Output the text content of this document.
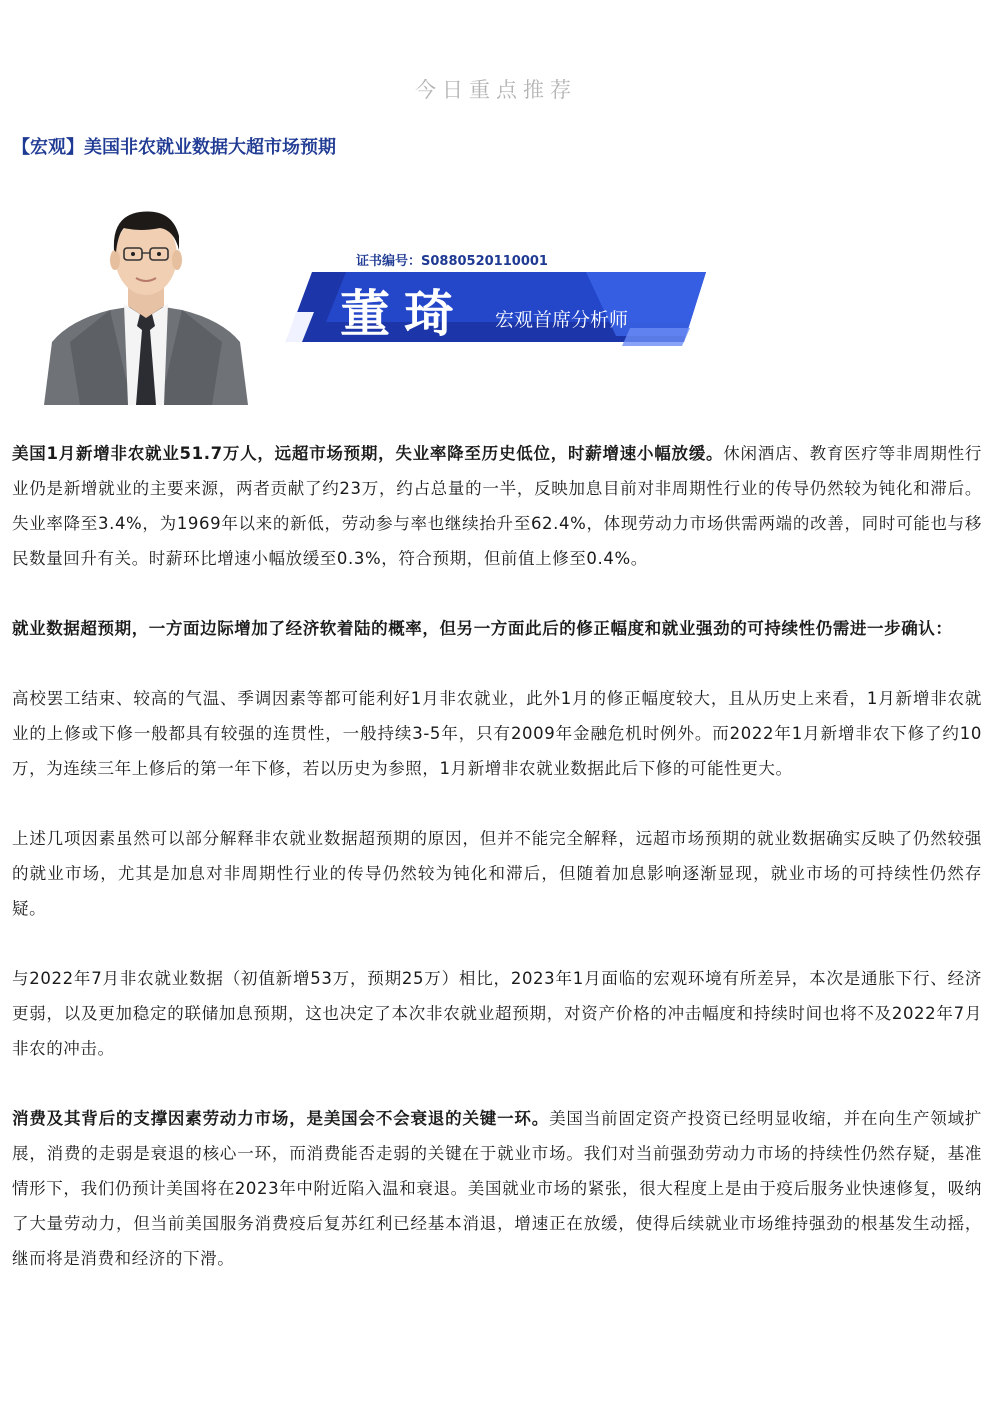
今日重点推荐
【宏观】美国非农就业数据大超市场预期
证书编号：S0880520110001
董琦 宏观首席分析师

美国1月新增非农就业51.7万人，远超市场预期，失业率降至历史低位，时薪增速小幅放缓。休闲酒店、教育医疗等非周期性行业仍是新增就业的主要来源，两者贡献了约23万，约占总量的一半，反映加息目前对非周期性行业的传导仍然较为钝化和滞后。失业率降至3.4%，为1969年以来的新低，劳动参与率也继续抬升至62.4%，体现劳动力市场供需两端的改善，同时可能也与移民数量回升有关。时薪环比增速小幅放缓至0.3%，符合预期，但前值上修至0.4%。

就业数据超预期，一方面边际增加了经济软着陆的概率，但另一方面此后的修正幅度和就业强劲的可持续性仍需进一步确认：

高校罢工结束、较高的气温、季调因素等都可能利好1月非农就业，此外1月的修正幅度较大，且从历史上来看，1月新增非农就业的上修或下修一般都具有较强的连贯性，一般持续3-5年，只有2009年金融危机时例外。而2022年1月新增非农下修了约10万，为连续三年上修后的第一年下修，若以历史为参照，1月新增非农就业数据此后下修的可能性更大。

上述几项因素虽然可以部分解释非农就业数据超预期的原因，但并不能完全解释，远超市场预期的就业数据确实反映了仍然较强的就业市场，尤其是加息对非周期性行业的传导仍然较为钝化和滞后，但随着加息影响逐渐显现，就业市场的可持续性仍然存疑。

与2022年7月非农就业数据（初值新增53万，预期25万）相比，2023年1月面临的宏观环境有所差异，本次是通胀下行、经济更弱，以及更加稳定的联储加息预期，这也决定了本次非农就业超预期，对资产价格的冲击幅度和持续时间也将不及2022年7月非农的冲击。

消费及其背后的支撑因素劳动力市场，是美国会不会衰退的关键一环。美国当前固定资产投资已经明显收缩，并在向生产领域扩展，消费的走弱是衰退的核心一环，而消费能否走弱的关键在于就业市场。我们对当前强劲劳动力市场的持续性仍然存疑，基准情形下，我们仍预计美国将在2023年中附近陷入温和衰退。美国就业市场的紧张，很大程度上是由于疫后服务业快速修复，吸纳了大量劳动力，但当前美国服务消费疫后复苏红利已经基本消退，增速正在放缓，使得后续就业市场维持强劲的根基发生动摇，继而将是消费和经济的下滑。
